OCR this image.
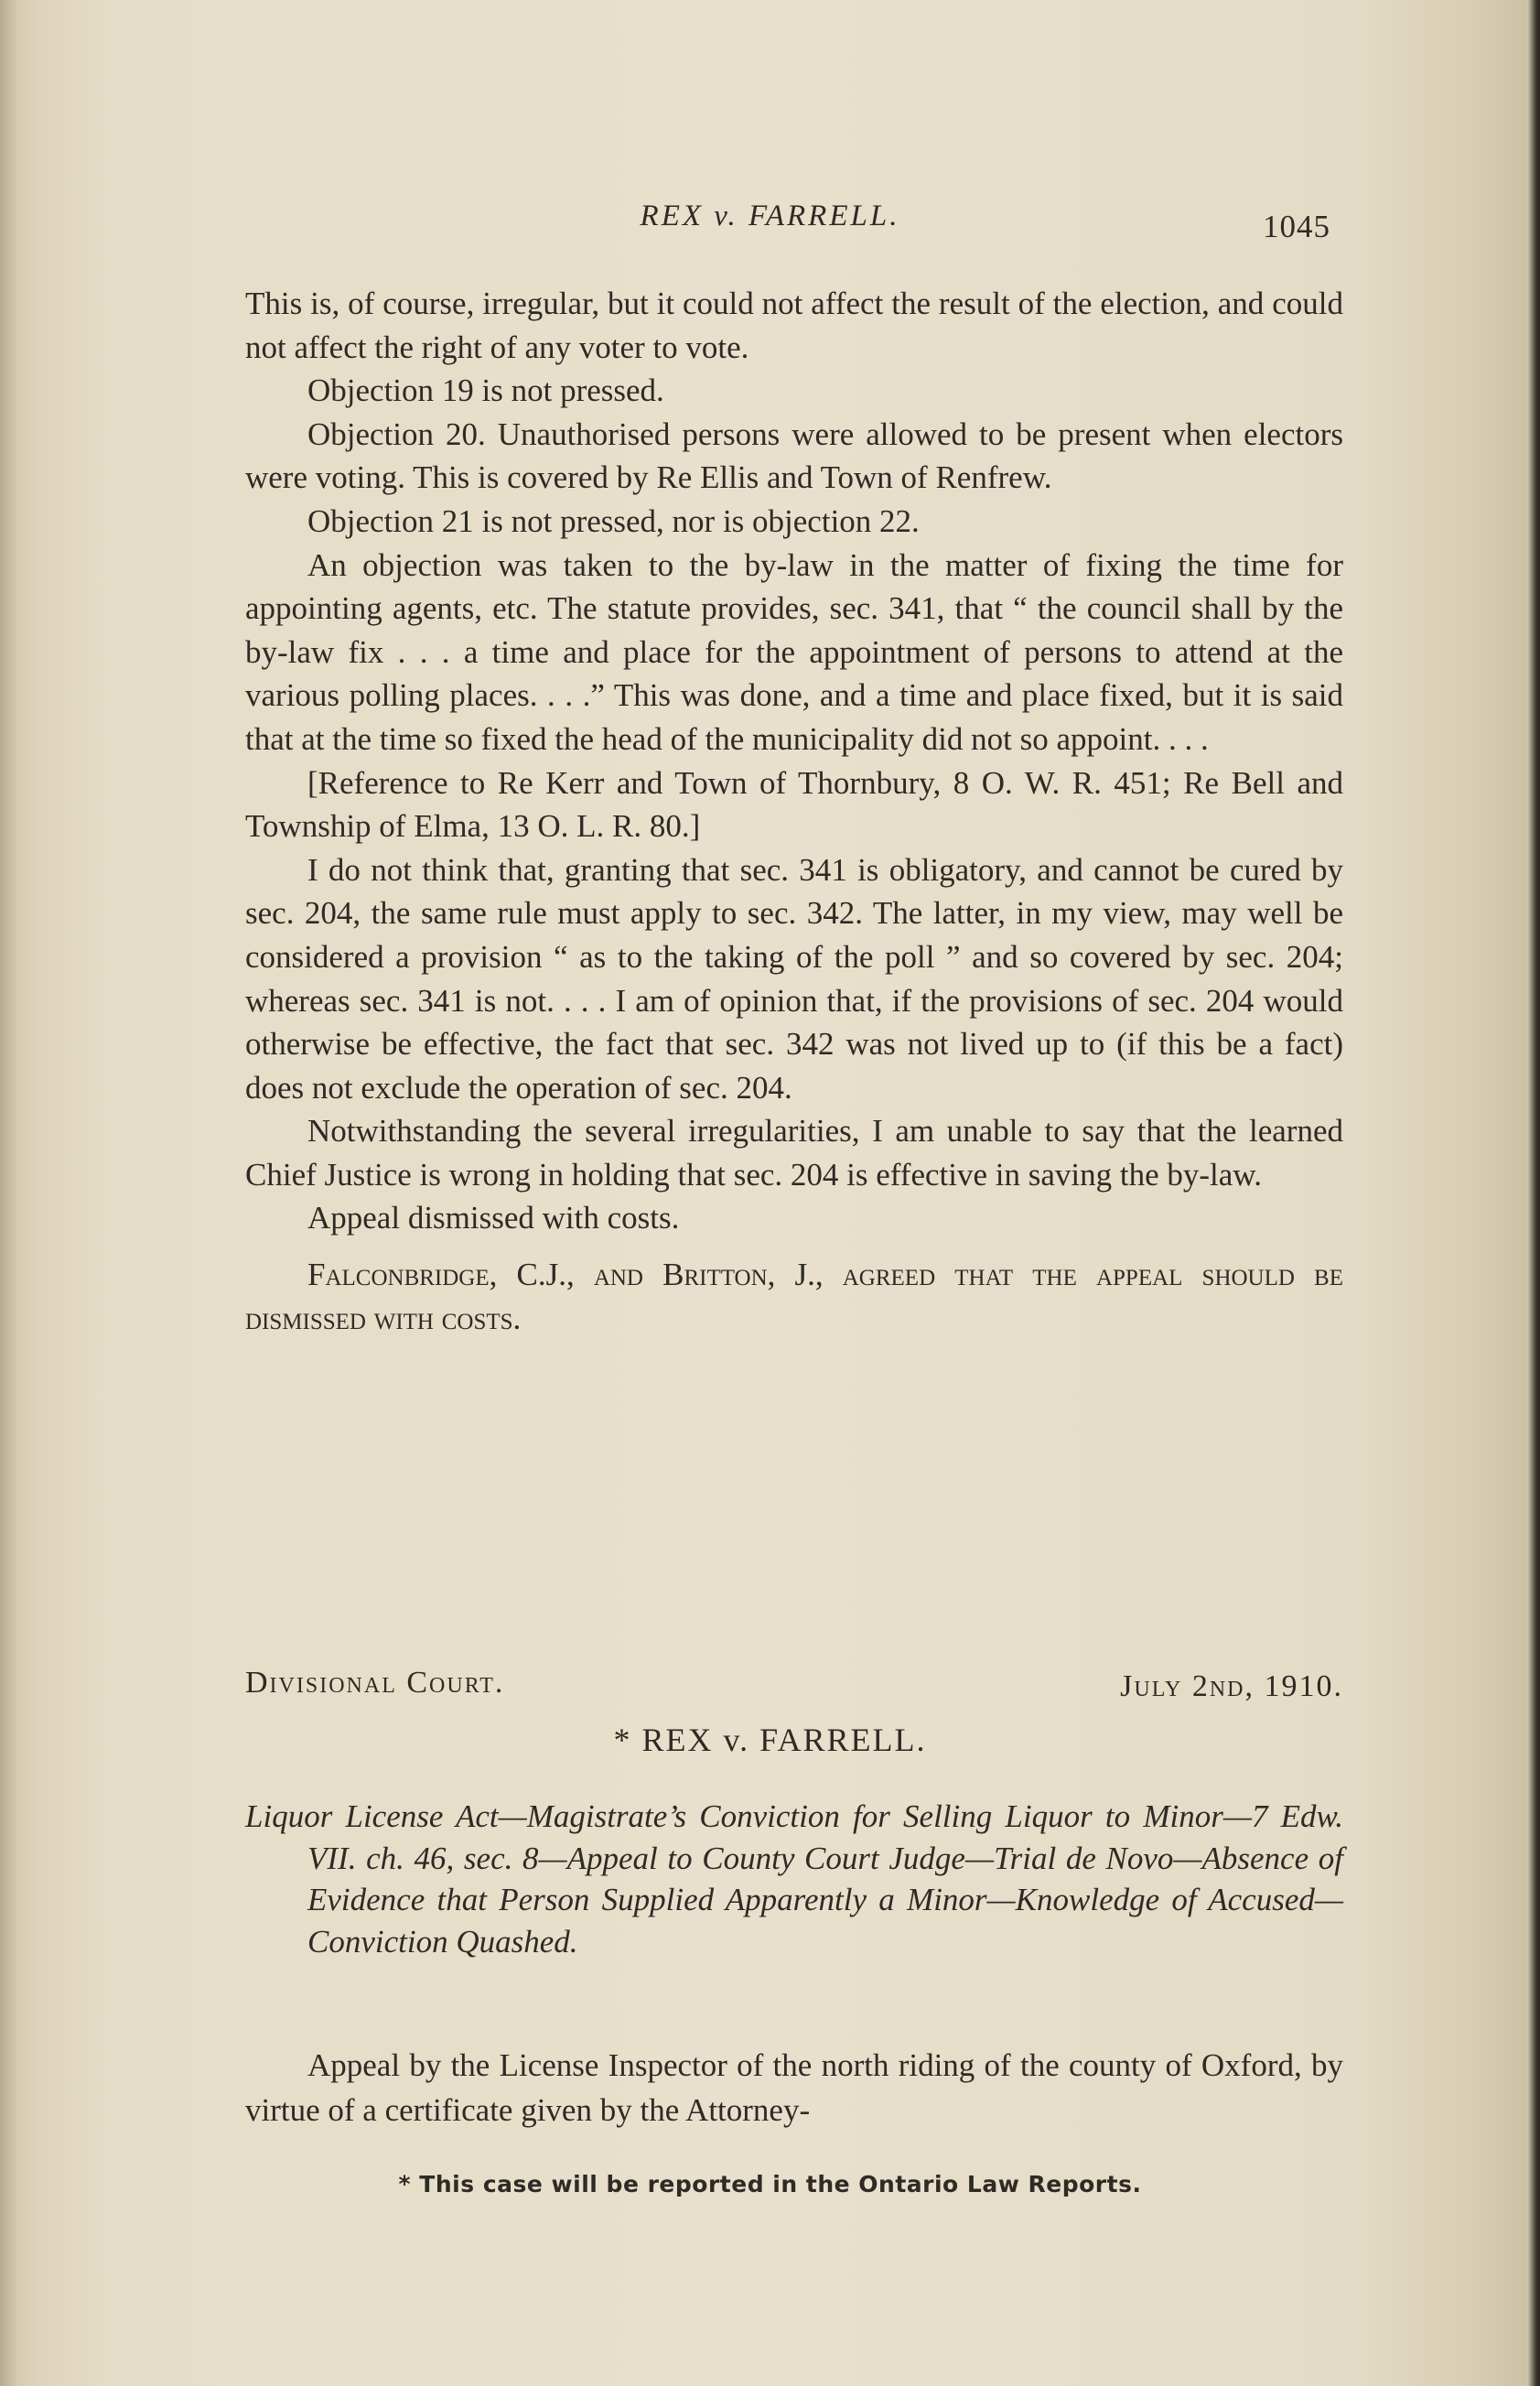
REX v. FARRELL.	1045

This is, of course, irregular, but it could not affect the result of the election, and could not affect the right of any voter to vote.

Objection 19 is not pressed.

Objection 20. Unauthorised persons were allowed to be present when electors were voting. This is covered by Re Ellis and Town of Renfrew.

Objection 21 is not pressed, nor is objection 22.

An objection was taken to the by-law in the matter of fixing the time for appointing agents, etc. The statute provides, sec. 341, that “ the council shall by the by-law fix . . . a time and place for the appointment of persons to attend at the various polling places. . . .” This was done, and a time and place fixed, but it is said that at the time so fixed the head of the municipality did not so appoint. . . .

[Reference to Re Kerr and Town of Thornbury, 8 O. W. R. 451; Re Bell and Township of Elma, 13 O. L. R. 80.]

I do not think that, granting that sec. 341 is obligatory, and cannot be cured by sec. 204, the same rule must apply to sec. 342. The latter, in my view, may well be considered a provision “ as to the taking of the poll ” and so covered by sec. 204; whereas sec. 341 is not. . . . I am of opinion that, if the provisions of sec. 204 would otherwise be effective, the fact that sec. 342 was not lived up to (if this be a fact) does not exclude the operation of sec. 204.

Notwithstanding the several irregularities, I am unable to say that the learned Chief Justice is wrong in holding that sec. 204 is effective in saving the by-law.

Appeal dismissed with costs.

Falconbridge, C.J., and Britton, J., agreed that the appeal should be dismissed with costs.

Divisional Court.	July 2nd, 1910.
* REX v. FARRELL.

Liquor License Act—Magistrate’s Conviction for Selling Liquor to Minor—7 Edw. VII. ch. 46, sec. 8—Appeal to County Court Judge—Trial de Novo—Absence of Evidence that Person Supplied Apparently a Minor—Knowledge of Accused—Conviction Quashed.

Appeal by the License Inspector of the north riding of the county of Oxford, by virtue of a certificate given by the Attorney-

* This case will be reported in the Ontario Law Reports.
